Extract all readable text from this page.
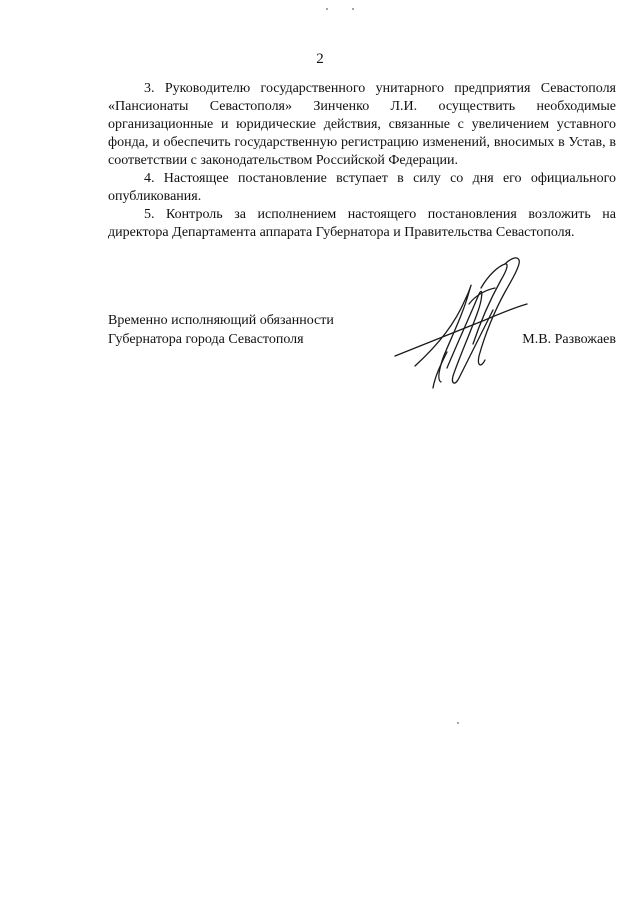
2

3. Руководителю государственного унитарного предприятия Севастополя «Пансионаты Севастополя» Зинченко Л.И. осуществить необходимые организационные и юридические действия, связанные с увеличением уставного фонда, и обеспечить государственную регистрацию изменений, вносимых в Устав, в соответствии с законодательством Российской Федерации.

4. Настоящее постановление вступает в силу со дня его официального опубликования.

5. Контроль за исполнением настоящего постановления возложить на директора Департамента аппарата Губернатора и Правительства Севастополя.

Временно исполняющий обязанности
Губернатора города Севастополя	М.В. Развожаев
